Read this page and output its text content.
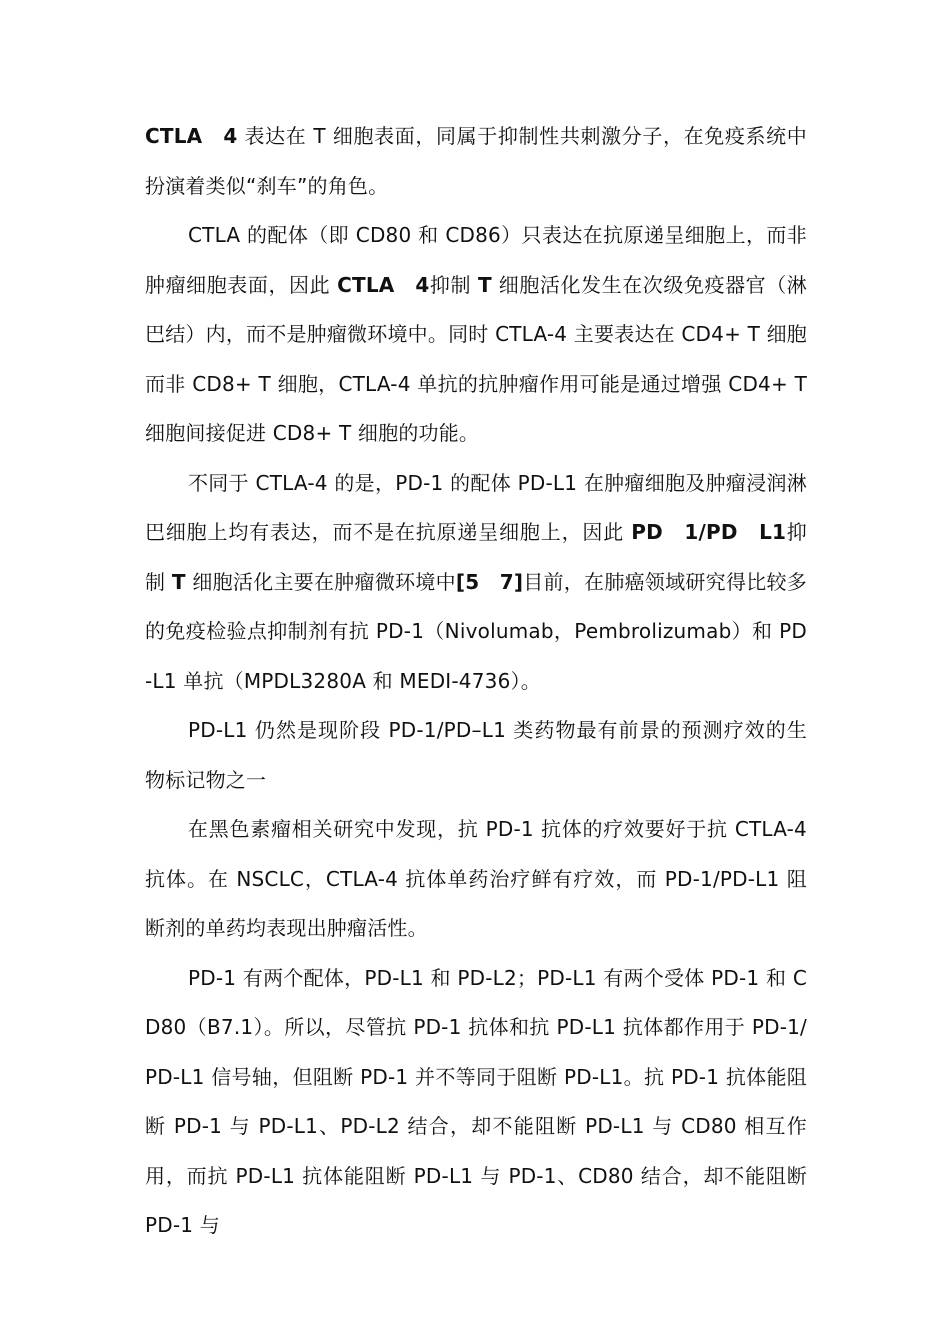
CTLA　4 表达在 T 细胞表面，同属于抑制性共刺激分子，在免疫系统中扮演着类似“刹车”的角色。

CTLA 的配体（即 CD80 和 CD86）只表达在抗原递呈细胞上，而非肿瘤细胞表面，因此 CTLA　4抑制 T 细胞活化发生在次级免疫器官（淋巴结）内，而不是肿瘤微环境中。同时 CTLA-4 主要表达在 CD4+ T 细胞而非 CD8+ T 细胞，CTLA-4 单抗的抗肿瘤作用可能是通过增强 CD4+ T 细胞间接促进 CD8+ T 细胞的功能。

不同于 CTLA-4 的是，PD-1 的配体 PD-L1 在肿瘤细胞及肿瘤浸润淋巴细胞上均有表达，而不是在抗原递呈细胞上，因此 PD　1/PD　L1抑制 T 细胞活化主要在肿瘤微环境中[5　7]目前，在肺癌领域研究得比较多的免疫检验点抑制剂有抗 PD-1（Nivolumab，Pembrolizumab）和 PD-L1 单抗（MPDL3280A 和 MEDI-4736）。

PD-L1 仍然是现阶段 PD-1/PD–L1 类药物最有前景的预测疗效的生物标记物之一

在黑色素瘤相关研究中发现，抗 PD-1 抗体的疗效要好于抗 CTLA-4 抗体。在 NSCLC，CTLA-4 抗体单药治疗鲜有疗效，而 PD-1/PD-L1 阻断剂的单药均表现出肿瘤活性。

PD-1 有两个配体，PD-L1 和 PD-L2；PD-L1 有两个受体 PD-1 和 CD80（B7.1）。所以，尽管抗 PD-1 抗体和抗 PD-L1 抗体都作用于 PD-1/PD-L1 信号轴，但阻断 PD-1 并不等同于阻断 PD-L1。抗 PD-1 抗体能阻断 PD-1 与 PD-L1、PD-L2 结合，却不能阻断 PD-L1 与 CD80 相互作用，而抗 PD-L1 抗体能阻断 PD-L1 与 PD-1、CD80 结合，却不能阻断 PD-1 与
